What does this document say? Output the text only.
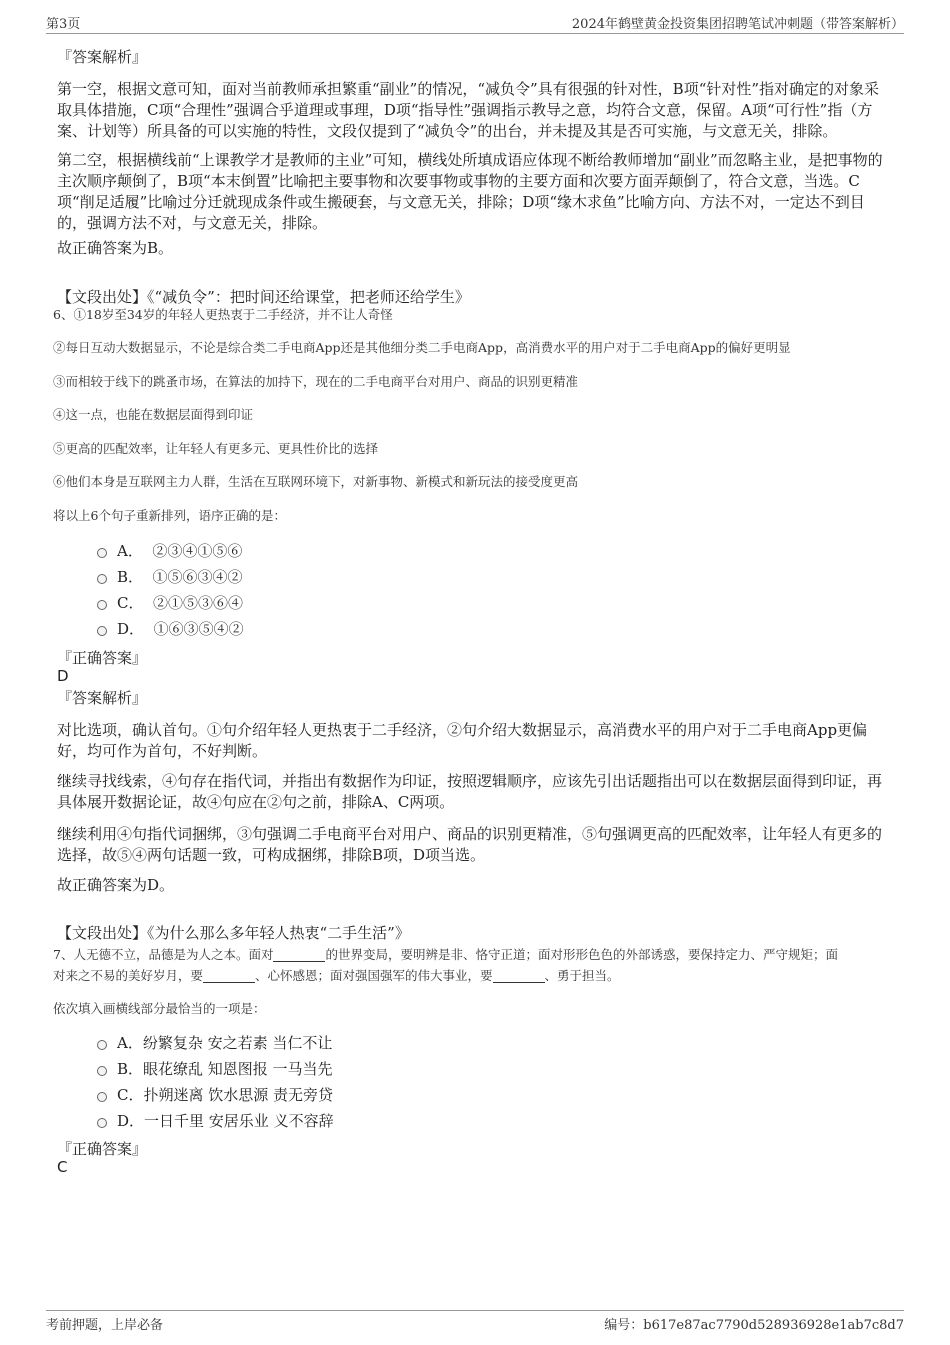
第3页	2024年鹤壁黄金投资集团招聘笔试冲刺题（带答案解析）
『答案解析』

第一空，根据文意可知，面对当前教师承担繁重“副业”的情况，“减负令”具有很强的针对性，B项“针对性”指对确定的对象采取具体措施，C项“合理性”强调合乎道理或事理，D项“指导性”强调指示教导之意，均符合文意，保留。A项“可行性”指（方案、计划等）所具备的可以实施的特性，文段仅提到了“减负令”的出台，并未提及其是否可实施，与文意无关，排除。

第二空，根据横线前“上课教学才是教师的主业”可知，横线处所填成语应体现不断给教师增加“副业”而忽略主业，是把事物的主次顺序颠倒了，B项“本末倒置”比喻把主要事物和次要事物或事物的主要方面和次要方面弄颠倒了，符合文意，当选。C项“削足适履”比喻过分迁就现成条件或生搬硬套，与文意无关，排除；D项“缘木求鱼”比喻方向、方法不对，一定达不到目的，强调方法不对，与文意无关，排除。

故正确答案为B。

【文段出处】《“减负令”：把时间还给课堂，把老师还给学生》

6、①18岁至34岁的年轻人更热衷于二手经济，并不让人奇怪

②每日互动大数据显示，不论是综合类二手电商App还是其他细分类二手电商App，高消费水平的用户对于二手电商App的偏好更明显

③而相较于线下的跳蚤市场，在算法的加持下，现在的二手电商平台对用户、商品的识别更精准

④这一点，也能在数据层面得到印证

⑤更高的匹配效率，让年轻人有更多元、更具性价比的选择

⑥他们本身是互联网主力人群，生活在互联网环境下，对新事物、新模式和新玩法的接受度更高

将以上6个句子重新排列，语序正确的是：

A．  ②③④①⑤⑥
B．  ①⑤⑥③④②
C．  ②①⑤③⑥④
D．  ①⑥③⑤④②
『正确答案』
D
『答案解析』

对比选项，确认首句。①句介绍年轻人更热衷于二手经济，②句介绍大数据显示，高消费水平的用户对于二手电商App更偏好，均可作为首句，不好判断。

继续寻找线索，④句存在指代词，并指出有数据作为印证，按照逻辑顺序，应该先引出话题指出可以在数据层面得到印证，再具体展开数据论证，故④句应在②句之前，排除A、C两项。

继续利用④句指代词捆绑，③句强调二手电商平台对用户、商品的识别更精准，⑤句强调更高的匹配效率，让年轻人有更多的选择，故⑤④两句话题一致，可构成捆绑，排除B项，D项当选。

故正确答案为D。

【文段出处】《为什么那么多年轻人热衷“二手生活”》

7、人无德不立，品德是为人之本。面对	的世界变局，要明辨是非、恪守正道；面对形形色色的外部诱惑，要保持定力、严守规矩；面
对来之不易的美好岁月，要	、心怀感恩；面对强国强军的伟大事业，要	、勇于担当。

依次填入画横线部分最恰当的一项是：

A．纷繁复杂 安之若素 当仁不让
B．眼花缭乱 知恩图报 一马当先
C．扑朔迷离 饮水思源 责无旁贷
D．一日千里 安居乐业 义不容辞
『正确答案』
C
考前押题，上岸必备	编号：b617e87ac7790d528936928e1ab7c8d7
